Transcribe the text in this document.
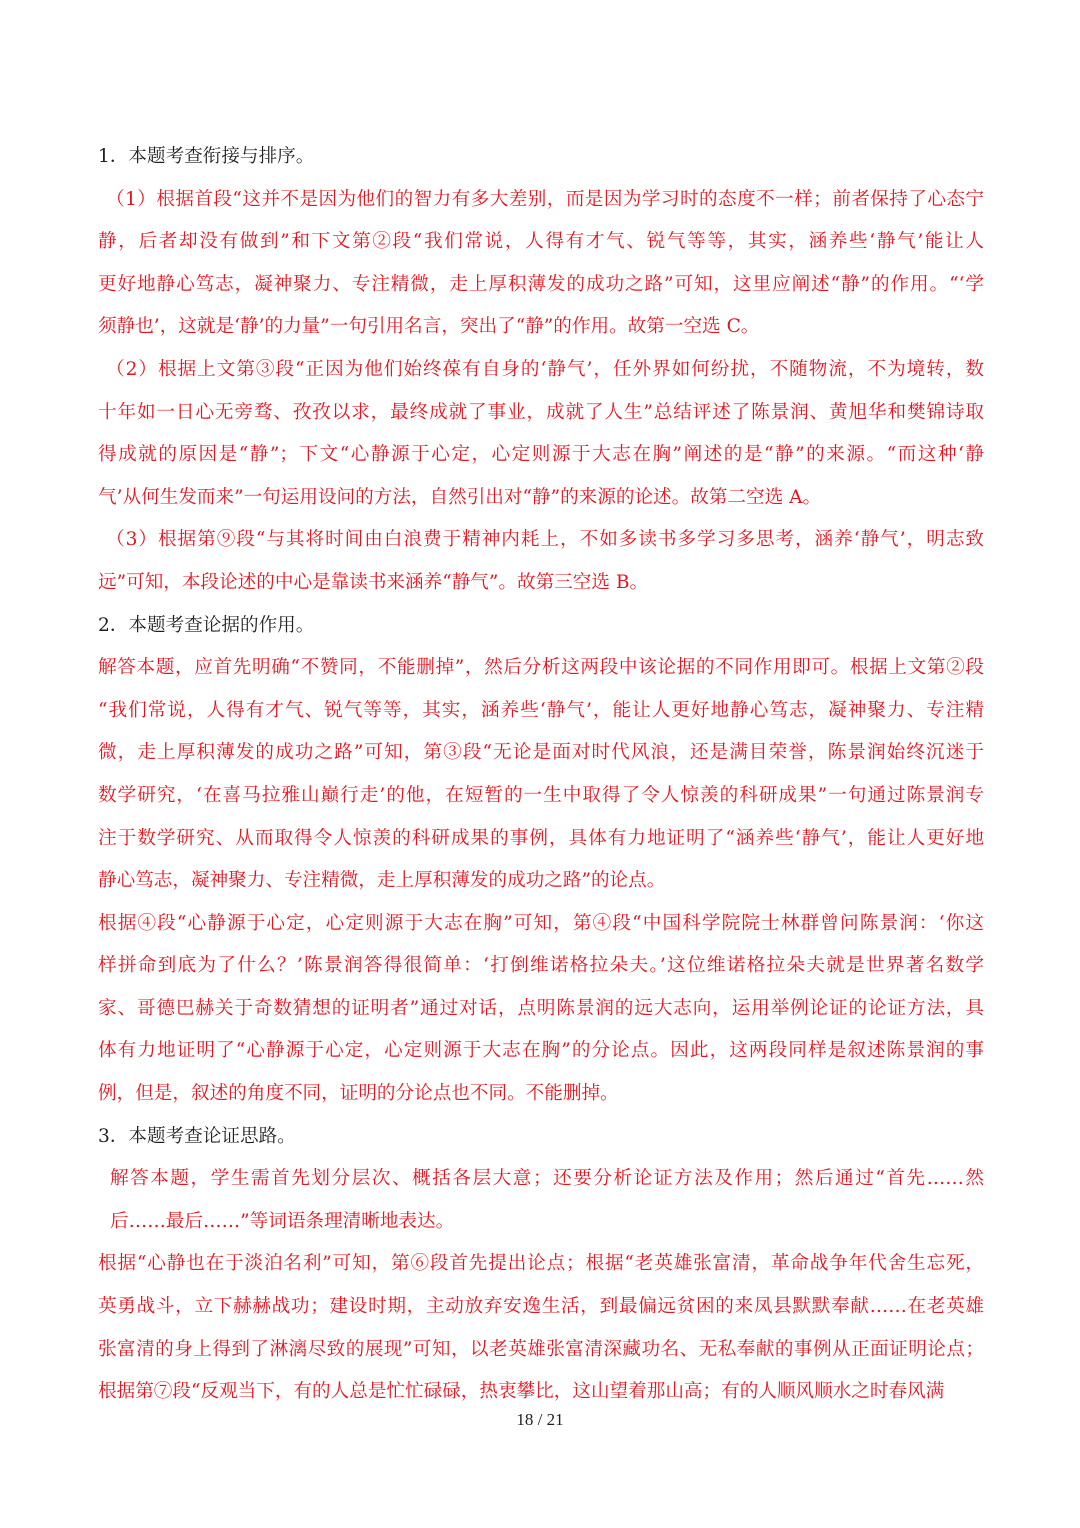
1．本题考查衔接与排序。
（1）根据首段“这并不是因为他们的智力有多大差别，而是因为学习时的态度不一样；前者保持了心态宁
静，后者却没有做到”和下文第②段“我们常说，人得有才气、锐气等等，其实，涵养些‘静气’能让人
更好地静心笃志，凝神聚力、专注精微，走上厚积薄发的成功之路”可知，这里应阐述“静”的作用。“‘学
须静也’，这就是‘静’的力量”一句引用名言，突出了“静”的作用。故第一空选 C。
（2）根据上文第③段“正因为他们始终葆有自身的‘静气’，任外界如何纷扰，不随物流，不为境转，数
十年如一日心无旁骛、孜孜以求，最终成就了事业，成就了人生”总结评述了陈景润、黄旭华和樊锦诗取
得成就的原因是“静”；下文“心静源于心定，心定则源于大志在胸”阐述的是“静”的来源。“而这种‘静
气’从何生发而来”一句运用设问的方法，自然引出对“静”的来源的论述。故第二空选 A。
（3）根据第⑨段“与其将时间由白浪费于精神内耗上，不如多读书多学习多思考，涵养‘静气’，明志致
远”可知，本段论述的中心是靠读书来涵养“静气”。故第三空选 B。
2．本题考查论据的作用。
解答本题，应首先明确“不赞同，不能删掉”，然后分析这两段中该论据的不同作用即可。根据上文第②段
“我们常说，人得有才气、锐气等等，其实，涵养些‘静气’，能让人更好地静心笃志，凝神聚力、专注精
微，走上厚积薄发的成功之路”可知，第③段“无论是面对时代风浪，还是满目荣誉，陈景润始终沉迷于
数学研究，‘在喜马拉雅山巅行走’的他，在短暂的一生中取得了令人惊羡的科研成果”一句通过陈景润专
注于数学研究、从而取得令人惊羡的科研成果的事例，具体有力地证明了“涵养些‘静气’，能让人更好地
静心笃志，凝神聚力、专注精微，走上厚积薄发的成功之路”的论点。
根据④段“心静源于心定，心定则源于大志在胸”可知，第④段“中国科学院院士林群曾问陈景润：‘你这
样拼命到底为了什么？’陈景润答得很简单：‘打倒维诺格拉朵夫。’这位维诺格拉朵夫就是世界著名数学
家、哥德巴赫关于奇数猜想的证明者”通过对话，点明陈景润的远大志向，运用举例论证的论证方法，具
体有力地证明了“心静源于心定，心定则源于大志在胸”的分论点。因此，这两段同样是叙述陈景润的事
例，但是，叙述的角度不同，证明的分论点也不同。不能删掉。
3．本题考查论证思路。
解答本题，学生需首先划分层次、概括各层大意；还要分析论证方法及作用；然后通过“首先……然
后……最后……”等词语条理清晰地表达。
根据“心静也在于淡泊名利”可知，第⑥段首先提出论点；根据“老英雄张富清，革命战争年代舍生忘死，
英勇战斗，立下赫赫战功；建设时期，主动放弃安逸生活，到最偏远贫困的来凤县默默奉献……在老英雄
张富清的身上得到了淋漓尽致的展现”可知，以老英雄张富清深藏功名、无私奉献的事例从正面证明论点；
根据第⑦段“反观当下，有的人总是忙忙碌碌，热衷攀比，这山望着那山高；有的人顺风顺水之时春风满
18 / 21
